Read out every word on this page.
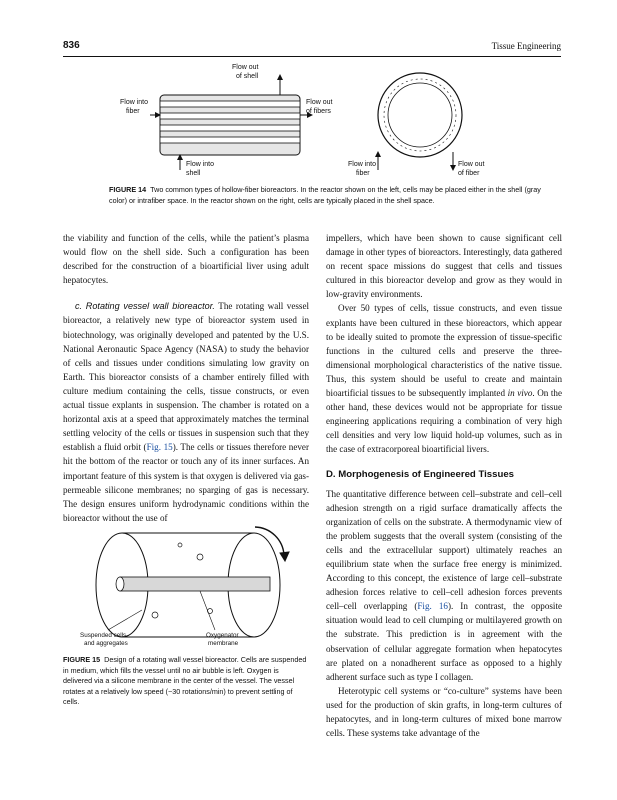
836	Tissue Engineering
Flow out
of shell
Flow into
fiber
Flow out
of fibers
Flow into
shell
Flow into
fiber
Flow out
of fiber
FIGURE 14 Two common types of hollow-fiber bioreactors. In the reactor shown on the left, cells may be placed either in the shell (gray color) or intrafiber space. In the reactor shown on the right, cells are typically placed in the shell space.

the viability and function of the cells, while the patient’s plasma would flow on the shell side. Such a configuration has been described for the construction of a bioartificial liver using adult hepatocytes.

c. Rotating vessel wall bioreactor. The rotating wall vessel bioreactor, a relatively new type of bioreactor system used in biotechnology, was originally developed and patented by the U.S. National Aeronautic Space Agency (NASA) to study the behavior of cells and tissues under conditions simulating low gravity on Earth. This bioreactor consists of a chamber entirely filled with culture medium containing the cells, tissue constructs, or even actual tissue explants in suspension. The chamber is rotated on a horizontal axis at a speed that approximately matches the terminal settling velocity of the cells or tissues in suspension such that they establish a fluid orbit (Fig. 15). The cells or tissues therefore never hit the bottom of the reactor or touch any of its inner surfaces. An important feature of this system is that oxygen is delivered via gas-permeable silicone membranes; no sparging of gas is necessary. The design ensures uniform hydrodynamic conditions within the bioreactor without the use of

Suspended cells
and aggregates
Oxygenator
membrane
FIGURE 15 Design of a rotating wall vessel bioreactor. Cells are suspended in medium, which fills the vessel until no air bubble is left. Oxygen is delivered via a silicone membrane in the center of the vessel. The vessel rotates at a relatively low speed (~30 rotations/min) to prevent settling of cells.

impellers, which have been shown to cause significant cell damage in other types of bioreactors. Interestingly, data gathered on recent space missions do suggest that cells and tissues cultured in this bioreactor develop and grow as they would in low-gravity environments.

Over 50 types of cells, tissue constructs, and even tissue explants have been cultured in these bioreactors, which appear to be ideally suited to promote the expression of tissue-specific functions in the cultured cells and preserve the three-dimensional morphological characteristics of the native tissue. Thus, this system should be useful to create and maintain bioartificial tissues to be subsequently implanted in vivo. On the other hand, these devices would not be appropriate for tissue engineering applications requiring a combination of very high cell densities and very low liquid hold-up volumes, such as in the case of extracorporeal bioartificial livers.

D. Morphogenesis of Engineered Tissues

The quantitative difference between cell–substrate and cell–cell adhesion strength on a rigid surface dramatically affects the organization of cells on the substrate. A thermodynamic view of the problem suggests that the overall system (consisting of the cells and the extracellular support) ultimately reaches an equilibrium state when the surface free energy is minimized. According to this concept, the existence of large cell–substrate adhesion forces relative to cell–cell adhesion forces prevents cell–cell overlapping (Fig. 16). In contrast, the opposite situation would lead to cell clumping or multilayered growth on the substrate. This prediction is in agreement with the observation of cellular aggregate formation when hepatocytes are plated on a nonadherent surface as opposed to a highly adherent surface such as type I collagen.

Heterotypic cell systems or “co-culture” systems have been used for the production of skin grafts, in long-term cultures of hepatocytes, and in long-term cultures of mixed bone marrow cells. These systems take advantage of the
